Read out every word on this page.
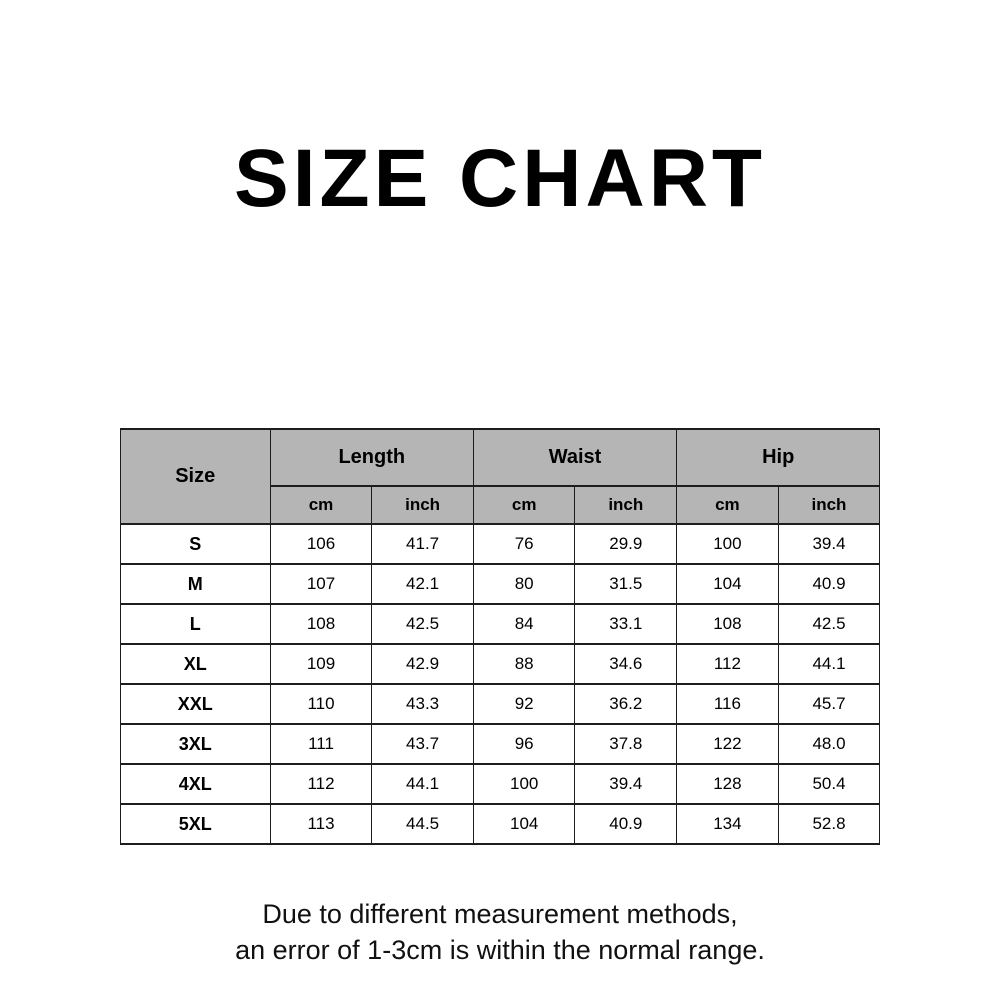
SIZE CHART
Size	Length		Waist		Hip	
	cm	inch	cm	inch	cm	inch
S	106	41.7	76	29.9	100	39.4
M	107	42.1	80	31.5	104	40.9
L	108	42.5	84	33.1	108	42.5
XL	109	42.9	88	34.6	112	44.1
XXL	110	43.3	92	36.2	116	45.7
3XL	111	43.7	96	37.8	122	48.0
4XL	112	44.1	100	39.4	128	50.4
5XL	113	44.5	104	40.9	134	52.8
Due to different measurement methods,
an error of 1-3cm is within the normal range.
